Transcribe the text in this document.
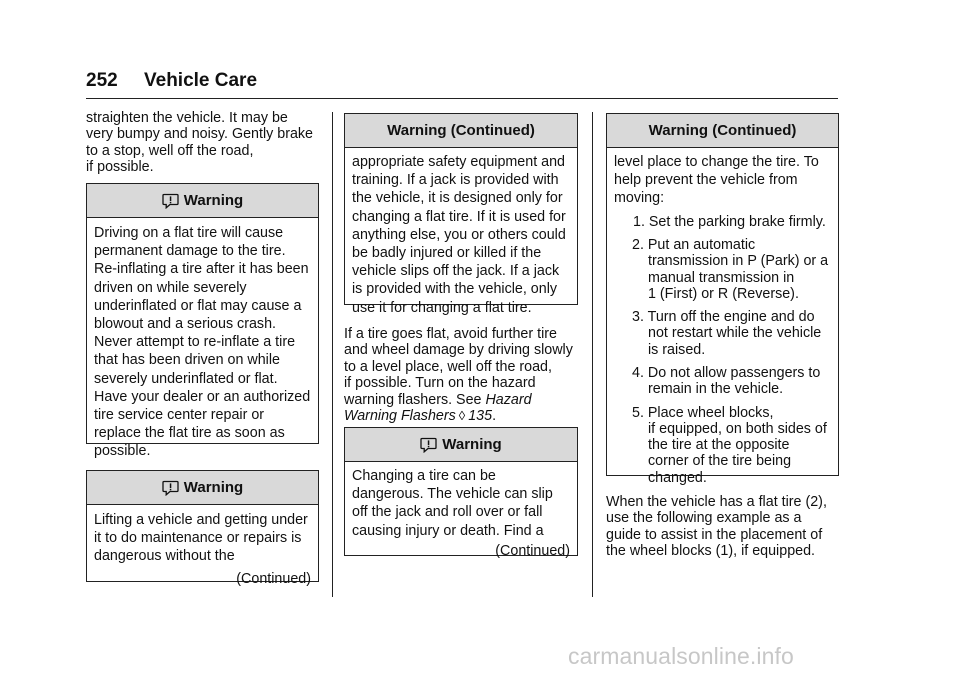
252 Vehicle Care

straighten the vehicle. It may be
very bumpy and noisy. Gently brake
to a stop, well off the road,
if possible.

Warning

Driving on a flat tire will cause
permanent damage to the tire.
Re-inflating a tire after it has been
driven on while severely
underinflated or flat may cause a
blowout and a serious crash.
Never attempt to re-inflate a tire
that has been driven on while
severely underinflated or flat.
Have your dealer or an authorized
tire service center repair or
replace the flat tire as soon as
possible.

Warning

Lifting a vehicle and getting under
it to do maintenance or repairs is
dangerous without the

(Continued)

Warning (Continued)

appropriate safety equipment and
training. If a jack is provided with
the vehicle, it is designed only for
changing a flat tire. If it is used for
anything else, you or others could
be badly injured or killed if the
vehicle slips off the jack. If a jack
is provided with the vehicle, only
use it for changing a flat tire.

If a tire goes flat, avoid further tire
and wheel damage by driving slowly
to a level place, well off the road,
if possible. Turn on the hazard
warning flashers. See Hazard
Warning Flashers ◊ 135.

Warning

Changing a tire can be
dangerous. The vehicle can slip
off the jack and roll over or fall
causing injury or death. Find a

(Continued)

Warning (Continued)

level place to change the tire. To
help prevent the vehicle from
moving:

1. Set the parking brake firmly.
2. Put an automatic
transmission in P (Park) or a
manual transmission in
1 (First) or R (Reverse).
3. Turn off the engine and do
not restart while the vehicle
is raised.
4. Do not allow passengers to
remain in the vehicle.
5. Place wheel blocks,
if equipped, on both sides of
the tire at the opposite
corner of the tire being
changed.

When the vehicle has a flat tire (2),
use the following example as a
guide to assist in the placement of
the wheel blocks (1), if equipped.

carmanualsonline.info
